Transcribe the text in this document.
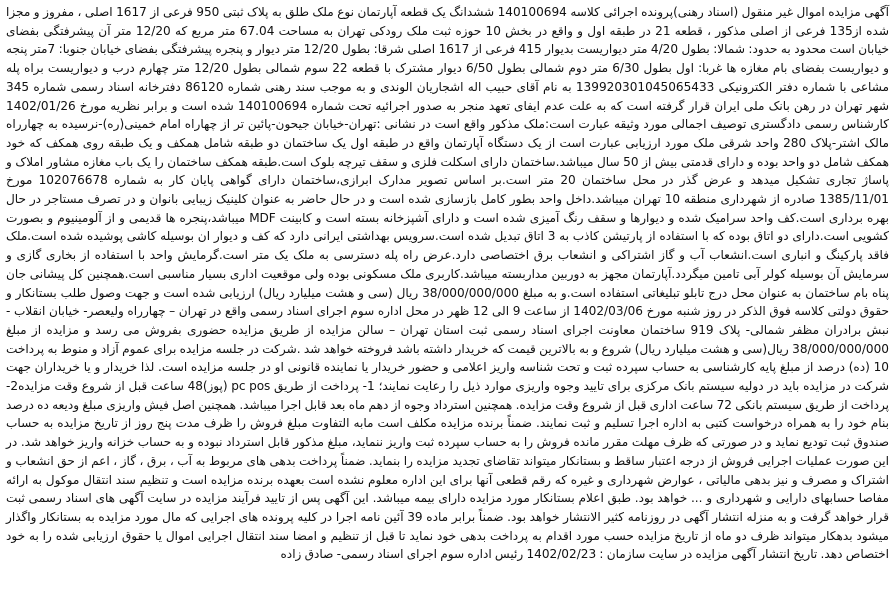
آگهی مزایده اموال غیر منقول (اسناد رهنی)پرونده اجرائی کلاسه 140100694 ششدانگ یک قطعه آپارتمان نوع ملک طلق به پلاک ثبتی 950 فرعی از 1617 اصلی ، مفروز و مجزا شده از135 فرعی از اصلی مذکور ، قطعه 21 در طبقه اول و واقع در بخش 10 حوزه ثبت ملک رودکی تهران به مساحت 67.04 متر مربع که 12/20 متر آن پیشرفتگی بفضای خیابان است محدود به حدود: شمالا: بطول 4/20 متر دیواریست بدیوار 415 فرعی از 1617 اصلی شرقا: بطول 12/20 متر دیوار و پنجره پیشرفتگی بفضای خیابان جنوبا: 7متر پنجه و دیواریست بفضای بام مغازه ها غربا: اول بطول 6/30 متر دوم شمالی بطول 6/50 دیوار مشترک با قطعه 22 سوم شمالی بطول 12/20 متر چهارم درب و دیواریست براه پله مشاعی با شماره دفتر الکترونیکی 139920301045065433 به نام آقای حبیب اله اشجاریان الوندی و به موجب سند رهنی شماره 86120 دفترخانه اسناد رسمی شماره 345 شهر تهران در رهن بانک ملی ایران قرار گرفته است که به علت عدم ایفای تعهد منجر به صدور اجرائیه تحت شماره 140100694 شده است و برابر نظریه مورخ 1402/01/26 کارشناس رسمی دادگستری توصیف اجمالی مورد وثیقه عبارت است:ملک مذکور واقع است در نشانی :تهران-خیابان جیحون-پائین تر از چهاراه امام خمینی(ره)-نرسیده به چهارراه مالک اشتر-پلاک 280 واحد شرقی ملک مورد ارزیابی عبارت است از یک دستگاه آپارتمان واقع در طبقه اول یک ساختمان دو طبقه شامل همکف و یک طبقه روی همکف که خود همکف شامل دو واحد بوده و دارای قدمتی بیش از 50 سال میباشد.ساختمان دارای اسکلت فلزی و سقف تیرچه بلوک است.طبقه همکف ساختمان را یک باب مغازه مشاور املاک و پاساژ تجاری تشکیل میدهد و عرض گذر در محل ساختمان 20 متر است.بر اساس تصویر مدارک ابرازی،ساختمان دارای گواهی پایان کار به شماره 102076678 مورخ 1385/11/01 صادره از شهرداری منطقه 10 تهران میباشد.داخل واحد بطور کامل بازسازی شده است و در حال حاضر به عنوان کلینیک زیبایی بانوان و در تصرف مستاجر در حال بهره برداری است.کف واحد سرامیک شده و دیوارها و سقف رنگ آمیزی شده است و دارای آشپزخانه بسته است و کابینت MDF میباشد،پنجره ها قدیمی و از آلومینیوم و بصورت کشویی است.دارای دو اتاق بوده که با استفاده از پارتیشن کاذب به 3 اتاق تبدیل شده است.سرویس بهداشتی ایرانی دارد که کف و دیوار ان بوسیله کاشی پوشیده شده است.ملک فاقد پارکینگ و انباری است.انشعاب آب و گاز اشتراکی و انشعاب برق اختصاصی دارد.عرض راه پله دسترسی به ملک یک متر است.گرمایش واحد با استفاده از بخاری گازی و سرمایش آن بوسیله کولر آبی تامین میگردد.آپارتمان مجهز به دوربین مداربسته میباشد.کاربری ملک مسکونی بوده ولی موقعیت اداری بسیار مناسبی است.همچنین کل پیشانی جان پناه بام ساختمان به عنوان محل درج تابلو تبلیغاتی استفاده است.و به مبلغ 38/000/000/000 ریال (سی و هشت میلیارد ریال) ارزیابی شده است و جهت وصول طلب بستانکار و حقوق دولتی کلاسه فوق الذکر در روز شنبه مورخ 1402/03/06 از ساعت 9 الی 12 ظهر در محل اداره سوم اجرای اسناد رسمی واقع در تهران – چهارراه ولیعصر- خیابان انقلاب - نبش برادران مظفر شمالی- پلاک 919 ساختمان معاونت اجرای اسناد رسمی ثبت استان تهران – سالن مزایده از طریق مزایده حضوری بفروش می رسد و مزایده از مبلغ 38/000/000/000 ریال(سی و هشت میلیارد ریال) شروع و به بالاترین قیمت که خریدار داشته باشد فروخته خواهد شد .شرکت در جلسه مزایده برای عموم آزاد و منوط به پرداخت 10 (ده) درصد از مبلغ پایه کارشناسی به حساب سپرده ثبت و تحت شناسه واریز اعلامی و حضور خریدار یا نماینده قانونی او در جلسه مزایده است. لذا خریدار و یا خریداران جهت شرکت در مزایده باید در دولیه سیستم بانک مرکزی برای تایید وجوه واریزی موارد ذیل را رعایت نمایند؛ 1- پرداخت از طریق pc pos (پوز)48 ساعت قبل از شروع وقت مزایده2- پرداخت از طریق سیستم بانکی 72 ساعت اداری قبل از شروع وقت مزایده. همچنین استرداد وجوه از دهم ماه بعد قابل اجرا میباشد. همچنین اصل فیش واریزی مبلغ ودیعه ده درصد بنام خود را به همراه درخواست کتبی به اداره اجرا تسلیم و ثبت نمایند. ضمناً برنده مزایده مکلف است مابه التفاوت مبلغ فروش را ظرف مدت پنج روز از تاریخ مزایده به حساب صندوق ثبت تودیع نماید و در صورتی که ظرف مهلت مقرر مانده فروش را به حساب سپرده ثبت واریز ننماید، مبلغ مذکور قابل استرداد نبوده و به حساب خزانه واریز خواهد شد. در این صورت عملیات اجرایی فروش از درجه اعتبار ساقط و بستانکار میتواند تقاضای تجدید مزایده را بنماید. ضمناً پرداخت بدهی های مربوط به آب ، برق ، گاز ، اعم از حق انشعاب و اشتراک و مصرف و نیز بدهی مالیاتی ، عوارض شهرداری و غیره که رقم قطعی آنها برای این اداره معلوم نشده است بعهده برنده مزایده است و تنظیم سند انتقال موکول به ارائه مفاصا حسابهای دارایی و شهرداری و ... خواهد بود. طبق اعلام بستانکار مورد مزایده دارای بیمه میباشد. این آگهی پس از تایید فرآیند مزایده در سایت آگهی های اسناد رسمی ثبت قرار خواهد گرفت و به منزله انتشار آگهی در روزنامه کثیر الانتشار خواهد بود. ضمناً برابر ماده 39 آئین نامه اجرا در کلیه پرونده های اجرایی که مال مورد مزایده به بستانکار واگذار میشود بدهکار میتواند ظرف دو ماه از تاریخ مزایده حسب مورد اقدام به پرداخت بدهی خود نماید تا قبل از تنظیم و امضا سند انتقال اجرایی اموال یا حقوق ارزیابی شده را به خود اختصاص دهد. تاریخ انتشار آگهی مزایده در سایت سازمان : 1402/02/23 رئیس اداره سوم اجرای اسناد رسمی- صادق زاده
